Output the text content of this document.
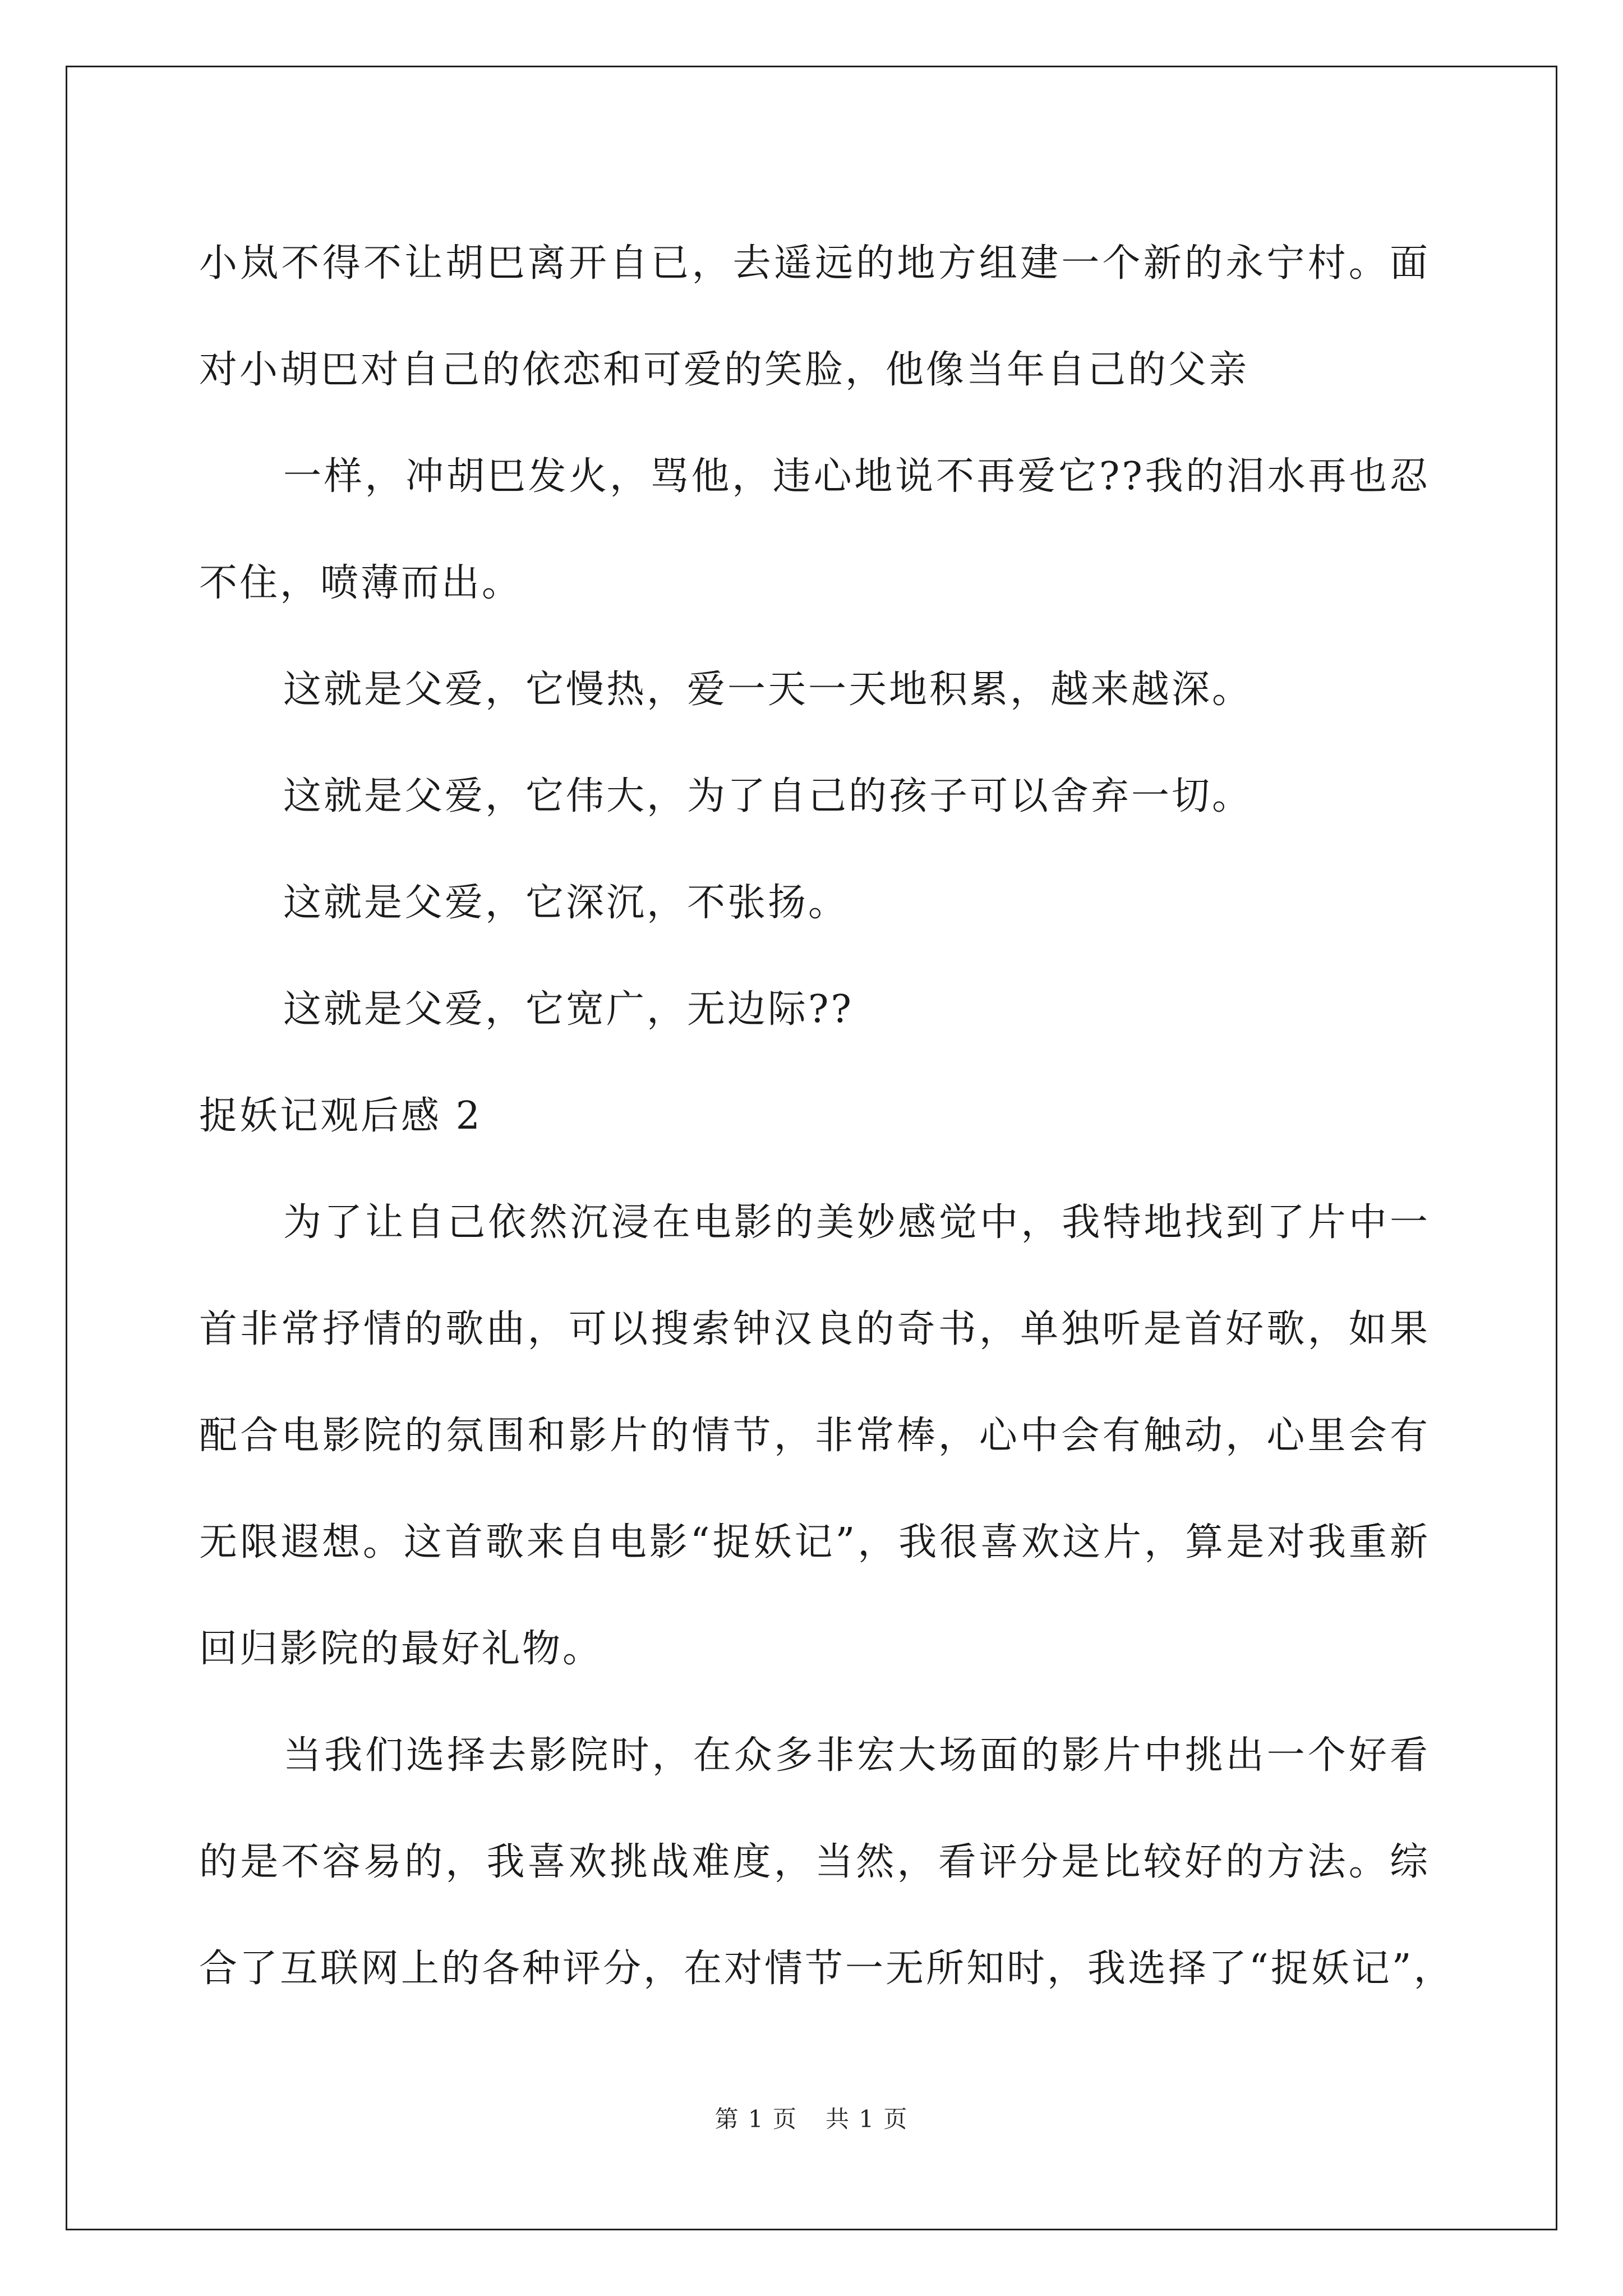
小岚不得不让胡巴离开自已，去遥远的地方组建一个新的永宁村。面
对小胡巴对自己的依恋和可爱的笑脸，他像当年自己的父亲
一样，冲胡巴发火，骂他，违心地说不再爱它??我的泪水再也忍
不住，喷薄而出。
这就是父爱，它慢热，爱一天一天地积累，越来越深。
这就是父爱，它伟大，为了自己的孩子可以舍弃一切。
这就是父爱，它深沉，不张扬。
这就是父爱，它宽广，无边际??
捉妖记观后感 2
为了让自己依然沉浸在电影的美妙感觉中，我特地找到了片中一
首非常抒情的歌曲，可以搜索钟汉良的奇书，单独听是首好歌，如果
配合电影院的氛围和影片的情节，非常棒，心中会有触动，心里会有
无限遐想。这首歌来自电影“捉妖记”，我很喜欢这片，算是对我重新
回归影院的最好礼物。
当我们选择去影院时，在众多非宏大场面的影片中挑出一个好看
的是不容易的，我喜欢挑战难度，当然，看评分是比较好的方法。综
合了互联网上的各种评分，在对情节一无所知时，我选择了“捉妖记”，
第 1 页 共 1 页
